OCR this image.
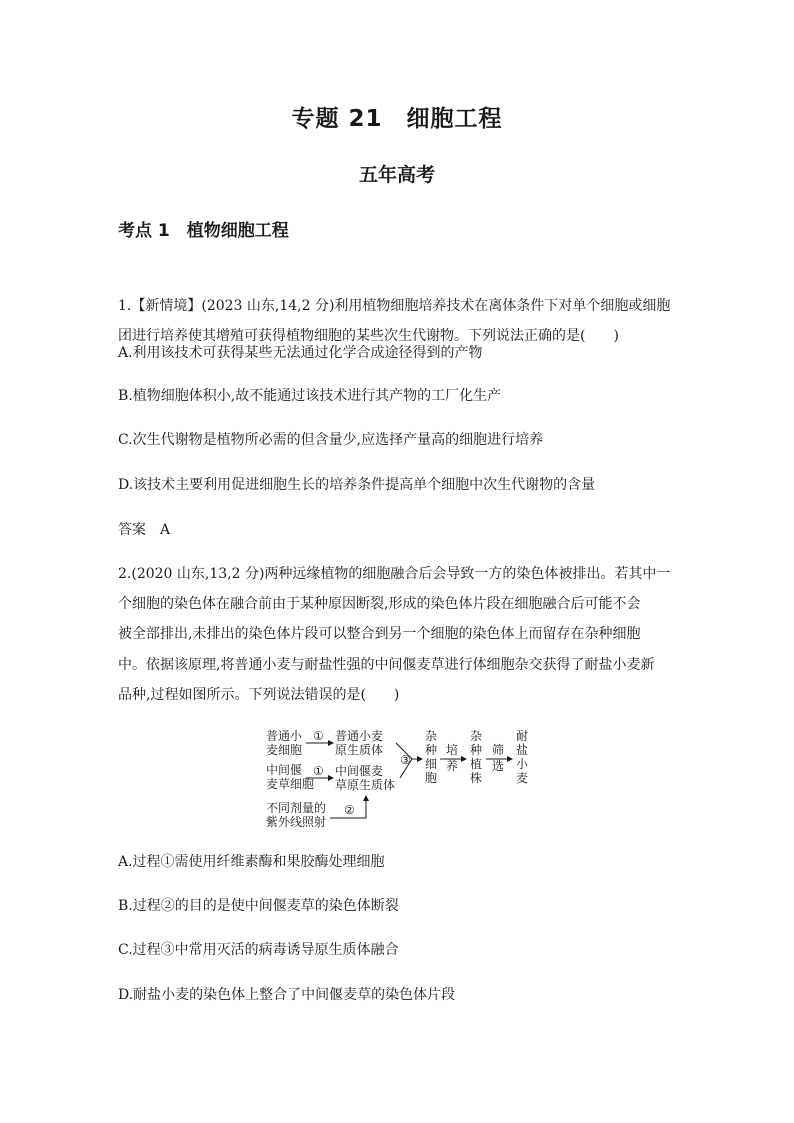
专题 21　细胞工程
五年高考
考点 1　植物细胞工程
1.【新情境】(2023 山东,14,2 分)利用植物细胞培养技术在离体条件下对单个细胞或细胞
团进行培养使其增殖可获得植物细胞的某些次生代谢物。下列说法正确的是(　　)
A.利用该技术可获得某些无法通过化学合成途径得到的产物
B.植物细胞体积小,故不能通过该技术进行其产物的工厂化生产
C.次生代谢物是植物所必需的但含量少,应选择产量高的细胞进行培养
D.该技术主要利用促进细胞生长的培养条件提高单个细胞中次生代谢物的含量
答案　A
2.(2020 山东,13,2 分)两种远缘植物的细胞融合后会导致一方的染色体被排出。若其中一
个细胞的染色体在融合前由于某种原因断裂,形成的染色体片段在细胞融合后可能不会
被全部排出,未排出的染色体片段可以整合到另一个细胞的染色体上而留存在杂种细胞
中。依据该原理,将普通小麦与耐盐性强的中间偃麦草进行体细胞杂交获得了耐盐小麦新
品种,过程如图所示。下列说法错误的是(　　)
普通小
麦细胞
① 普通小麦
原生质体
中间偃
麦草细胞
① 中间偃麦
草原生质体
不同剂量的
紫外线照射
②
③
杂
种
细
胞
培
养
杂
种
植
株
筛
选
耐
盐
小
麦
A.过程①需使用纤维素酶和果胶酶处理细胞
B.过程②的目的是使中间偃麦草的染色体断裂
C.过程③中常用灭活的病毒诱导原生质体融合
D.耐盐小麦的染色体上整合了中间偃麦草的染色体片段
